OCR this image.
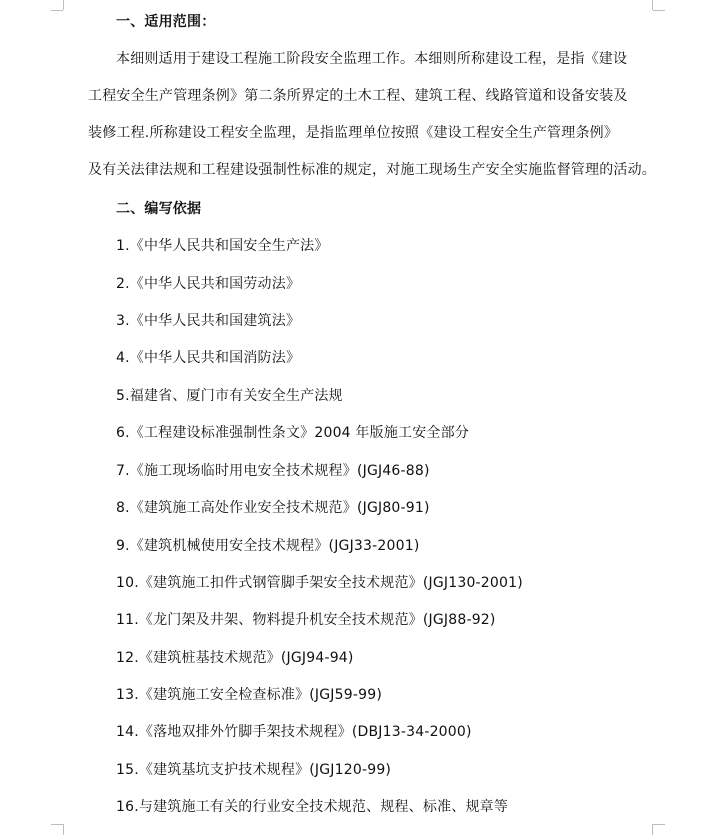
一、适用范围：
本细则适用于建设工程施工阶段安全监理工作。本细则所称建设工程，是指《建设
工程安全生产管理条例》第二条所界定的土木工程、建筑工程、线路管道和设备安装及
装修工程.所称建设工程安全监理，是指监理单位按照《建设工程安全生产管理条例》
及有关法律法规和工程建设强制性标准的规定，对施工现场生产安全实施监督管理的活动。
二、编写依据
1.《中华人民共和国安全生产法》
2.《中华人民共和国劳动法》
3.《中华人民共和国建筑法》
4.《中华人民共和国消防法》
5.福建省、厦门市有关安全生产法规
6.《工程建设标准强制性条文》2004 年版施工安全部分
7.《施工现场临时用电安全技术规程》(JGJ46-88)
8.《建筑施工高处作业安全技术规范》(JGJ80-91)
9.《建筑机械使用安全技术规程》(JGJ33-2001)
10.《建筑施工扣件式钢管脚手架安全技术规范》(JGJ130-2001)
11.《龙门架及井架、物料提升机安全技术规范》(JGJ88-92)
12.《建筑桩基技术规范》(JGJ94-94)
13.《建筑施工安全检查标准》(JGJ59-99)
14.《落地双排外竹脚手架技术规程》(DBJ13-34-2000)
15.《建筑基坑支护技术规程》(JGJ120-99)
16.与建筑施工有关的行业安全技术规范、规程、标准、规章等
